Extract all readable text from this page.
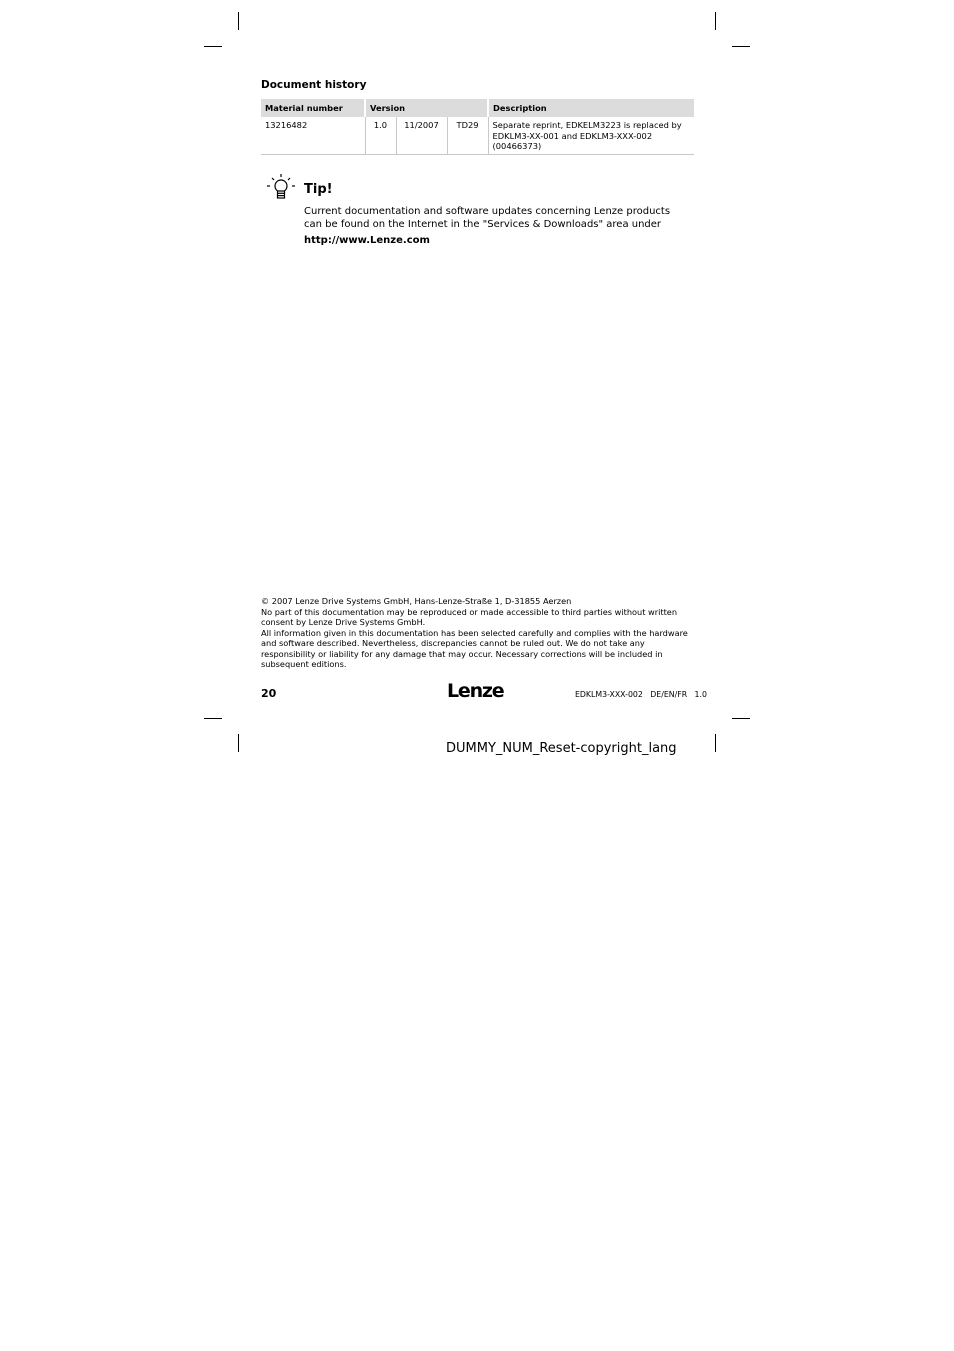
Document history
Material number	Version			Description
13216482	1.0	11/2007	TD29	Separate reprint, EDKELM3223 is replaced by EDKLM3-XX-001 and EDKLM3-XXX-002 (00466373)
Tip!
Current documentation and software updates concerning Lenze products can be found on the Internet in the "Services & Downloads" area under
http://www.Lenze.com

© 2007 Lenze Drive Systems GmbH, Hans-Lenze-Straße 1, D-31855 Aerzen

No part of this documentation may be reproduced or made accessible to third parties without written consent by Lenze Drive Systems GmbH.

All information given in this documentation has been selected carefully and complies with the hardware and software described. Nevertheless, discrepancies cannot be ruled out. We do not take any responsibility or liability for any damage that may occur. Necessary corrections will be included in subsequent editions.

20	Lenze	EDKLM3-XXX-002   DE/EN/FR   1.0
DUMMY_NUM_Reset-copyright_lang
